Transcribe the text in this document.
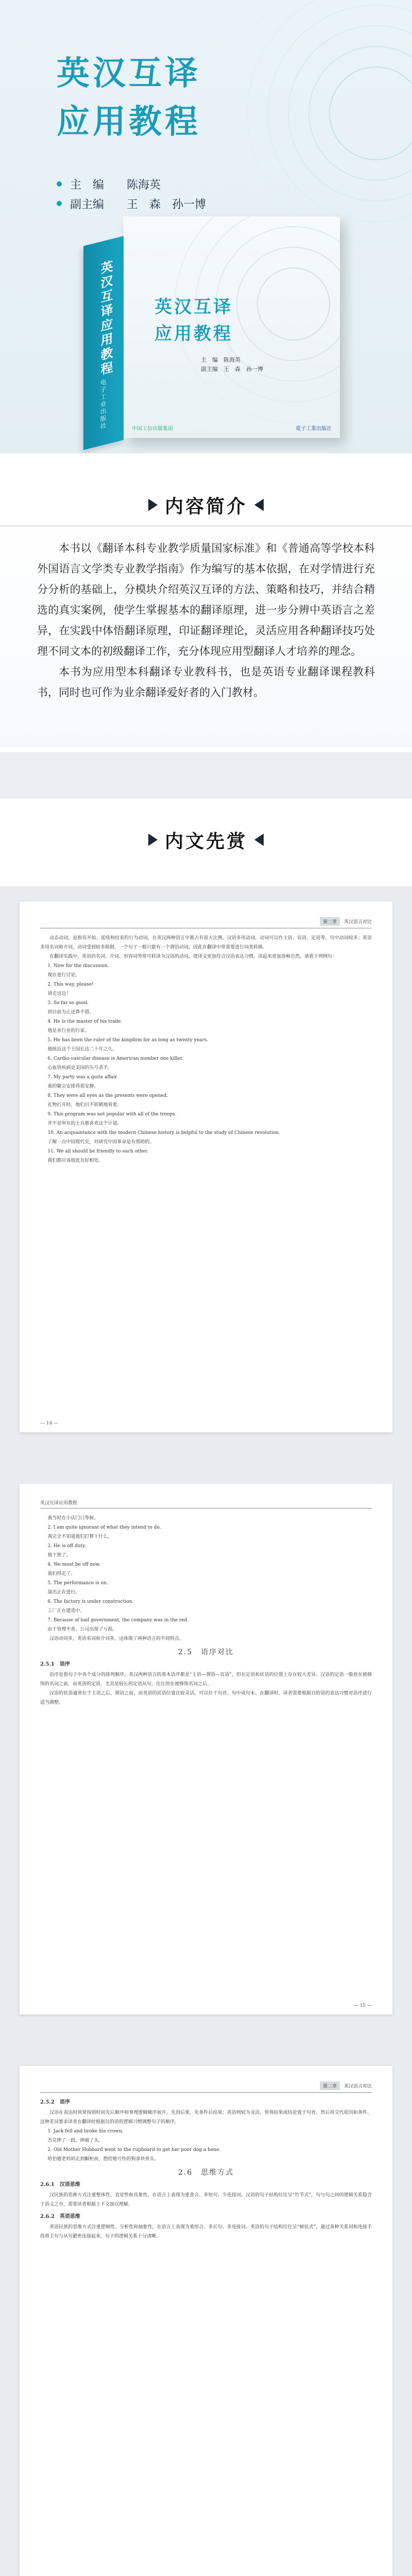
英汉互译
应用教程
主　编	陈海英
副主编	王　森　孙一博
英汉互译应用教程
电子工业出版社
英汉互译
应用教程
主　编　陈海英
副主编　王　森　孙一博
中国工信出版集团	電子工業出版社
内容简介

本书以《翻译本科专业教学质量国家标准》和《普通高等学校本科外国语言文学类专业教学指南》作为编写的基本依据，在对学情进行充分分析的基础上，分模块介绍英汉互译的方法、策略和技巧，并结合精选的真实案例，使学生掌握基本的翻译原理，进一步分辨中英语言之差异，在实践中体悟翻译原理，印证翻译理论，灵活应用各种翻译技巧处理不同文本的初级翻译工作，充分体现应用型翻译人才培养的理念。

本书为应用型本科翻译专业教科书，也是英语专业翻译课程教科书，同时也可作为业余翻译爱好者的入门教材。

内文先赏
第二章	英汉语言对比

动态动词，是指有开始、延续和结束的行为动词，在英汉两种语言中都占有很大比例。汉语多用动词，动词可以作主语、宾语、定语等，句中动词较多；英语多用名词和介词，动词受到较多限制，一个句子一般只能有一个谓语动词，因此在翻译中常需要进行词类转换。

在翻译实践中，英语的名词、介词、形容词等常可转译为汉语的动词，使译文更加符合汉语表达习惯，读起来更加流畅自然。请看下列例句：

1. Now for the discussion.

现在进行讨论。

2. This way, please!

请走这边！

3. So far so good.

到目前为止还算不错。

4. He is the master of his trade.

他是本行业的行家。

5. He has been the ruler of the kingdom for as long as twenty years.

他统治这个王国长达二十年之久。

6. Cardio-vascular disease is American number one killer.

心血管疾病是美国的头号杀手。

7. My party was a quite affair.

我的聚会安排得很安静。

8. They were all eyes as the presents were opened.

礼物打开时，他们目不转睛地看着。

9. This program was not popular with all of the troops.

并不是所有的士兵都喜欢这个计划。

10. An acquaintance with the modern Chinese history is helpful to the study of Chinese revolution.

了解一点中国现代史，对研究中国革命是有帮助的。

11. We all should be friendly to each other.

我们都应该彼此友好相处。

— 14 —
英汉互译应用教程

我当时在小店门口等候。

2. I am quite ignorant of what they intend to do.

我完全不知道他们打算干什么。

3. He is off duty.

他下班了。

4. We must be off now.

我们得走了。

5. The performance is on.

演出正在进行。

6. The factory is under construction.

工厂正在建造中。

7. Because of bad government, the company was in the red.

由于管理不善，公司出现了亏损。

汉语动词多，英语名词和介词多，这体现了两种语言的不同特点。

2.5　语序对比

2.5.1　语序

语序是指句子中各个成分的排列顺序。英汉两种语言的基本语序都是“主语—谓语—宾语”，但在定语和状语的位置上存在较大差异。汉语的定语一般放在被修饰的名词之前，而英语的定语，尤其是较长的定语从句，往往放在被修饰名词之后。

汉语的状语通常位于主语之后、谓语之前，而英语的状语位置比较灵活，可以位于句首、句中或句末。在翻译时，译者需要根据目的语的表达习惯对语序进行适当调整。

— 15 —
第二章	英汉语言对比

2.5.2　语序

汉语在表达时常常按照时间先后顺序和事理逻辑顺序展开，先因后果，先条件后结果；英语则较为灵活，常将结果或结论置于句首，然后再交代原因和条件。这种差异要求译者在翻译时根据目的语的逻辑习惯调整句子的顺序。

1. Jack fell and broke his crown.

杰克摔了一跤，摔破了头。

2. Old Mother Hubbard went to the cupboard to get her poor dog a bone.

哈伯德老妈妈走到橱柜前，想给她可怜的狗拿块骨头。

2.6　思维方式

2.6.1　汉语思维

汉民族的思维方式注重整体性、直觉性和具象性，在语言上表现为重意合、多短句、少连接词。汉语的句子结构往往呈“竹节式”，句与句之间的逻辑关系隐含于语义之中，需要读者根据上下文加以理解。

2.6.2　英语思维

英语民族的思维方式注重逻辑性、分析性和抽象性，在语言上表现为重形合、多长句、多连接词。英语的句子结构往往呈“树状式”，通过各种关系词和连接手段将主句与从句紧密连接起来，句子的逻辑关系十分清晰。
